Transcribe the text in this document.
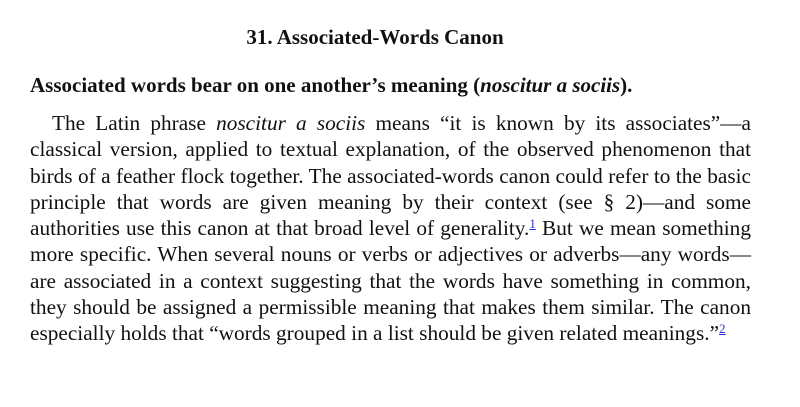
31. Associated-Words Canon

Associated words bear on one another’s meaning (noscitur a sociis).

The Latin phrase noscitur a sociis means “it is known by its associates”—a classical version, applied to textual explanation, of the observed phenomenon that birds of a feather flock together. The associated-words canon could refer to the basic principle that words are given meaning by their context (see § 2)—and some authorities use this canon at that broad level of generality.$^1$ But we mean something more specific. When several nouns or verbs or adjectives or adverbs—any words—are associated in a context suggesting that the words have something in common, they should be assigned a permissible meaning that makes them similar. The canon especially holds that “words grouped in a list should be given related meanings.”$^2$
